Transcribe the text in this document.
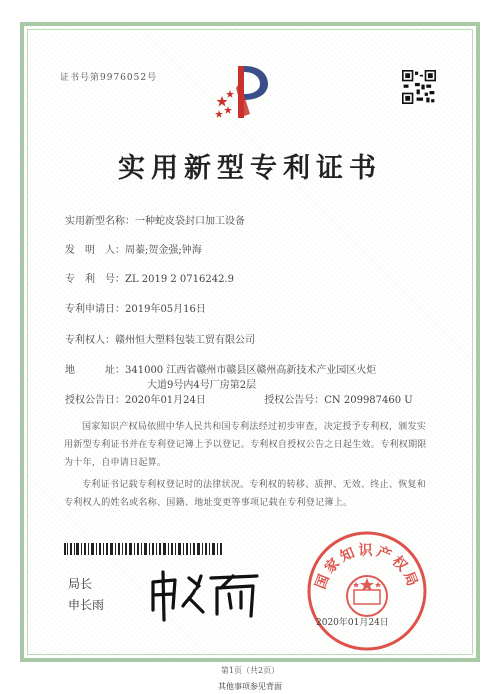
证书号第9976052号
实用新型专利证书
实用新型名称：一种蛇皮袋封口加工设备
发　明　人：周蓁;贺金强;钟海
专　利　号：ZL 2019 2 0716242.9
专利申请日：2019年05月16日
专利权人：赣州恒大塑料包装工贸有限公司
地　　　址：341000 江西省赣州市赣县区赣州高新技术产业园区火炬
大道9号内4号厂房第2层
授权公告日：2020年01月24日	授权公告号：CN 209987460 U
国家知识产权局依照中华人民共和国专利法经过初步审查，决定授予专利权，颁发实用新型专利证书并在专利登记簿上予以登记。专利权自授权公告之日起生效。专利权期限为十年，自申请日起算。
专利证书记载专利权登记时的法律状况。专利权的转移、质押、无效、终止、恢复和专利权人的姓名或名称、国籍、地址变更等事项记载在专利登记簿上。
局长
申长雨
国家知识产权局
2020年01月24日
第1页（共2页）
其他事项参见背面
